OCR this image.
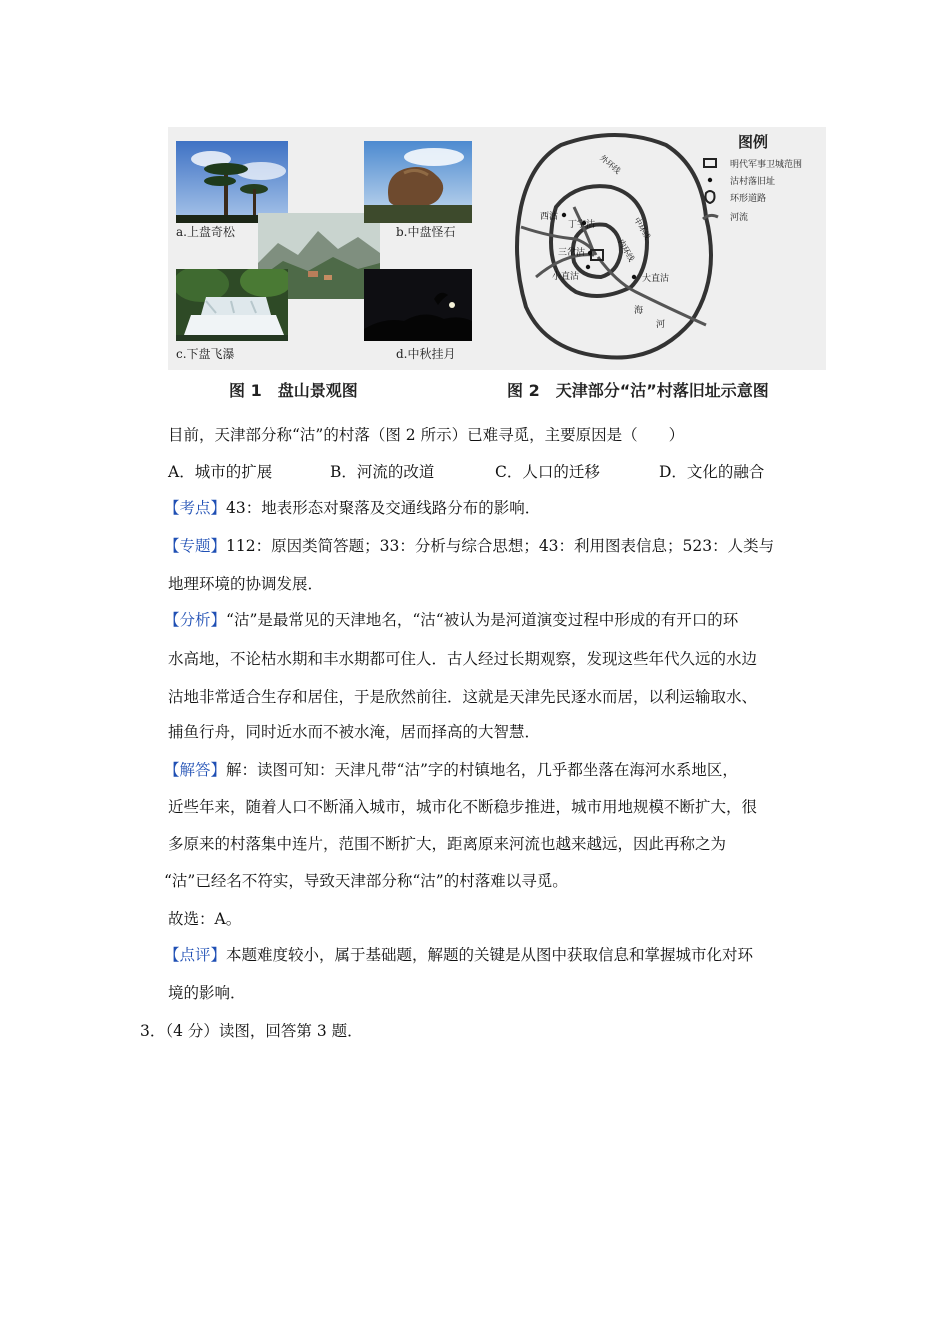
a.上盘奇松	b.中盘怪石
c.下盘飞瀑	d.中秋挂月
图例
明代军事卫城范围
沽村落旧址
环形道路
河流
外环线
中环线
内环线
丁字沽
西沽
三岔沽
小直沽	大直沽
海
河
图 1　盘山景观图	图 2　天津部分“沽”村落旧址示意图
目前，天津部分称“沽”的村落（图 2 所示）已难寻觅，主要原因是（　　）
A．城市的扩展	B．河流的改道	C．人口的迁移	D．文化的融合
【考点】43：地表形态对聚落及交通线路分布的影响．
【专题】112：原因类简答题；33：分析与综合思想；43：利用图表信息；523：人类与
地理环境的协调发展．
【分析】“沽”是最常见的天津地名，“沽“被认为是河道演变过程中形成的有开口的环
水高地，不论枯水期和丰水期都可住人．古人经过长期观察，发现这些年代久远的水边
沽地非常适合生存和居住，于是欣然前往．这就是天津先民逐水而居，以利运输取水、
捕鱼行舟，同时近水而不被水淹，居而择高的大智慧．
【解答】解：读图可知：天津凡带“沽”字的村镇地名，几乎都坐落在海河水系地区，
近些年来，随着人口不断涌入城市，城市化不断稳步推进，城市用地规模不断扩大，很
多原来的村落集中连片，范围不断扩大，距离原来河流也越来越远，因此再称之为
“沽”已经名不符实，导致天津部分称“沽”的村落难以寻觅。
故选：A。
【点评】本题难度较小，属于基础题，解题的关键是从图中获取信息和掌握城市化对环
境的影响．
3．（4 分）读图，回答第 3 题．
